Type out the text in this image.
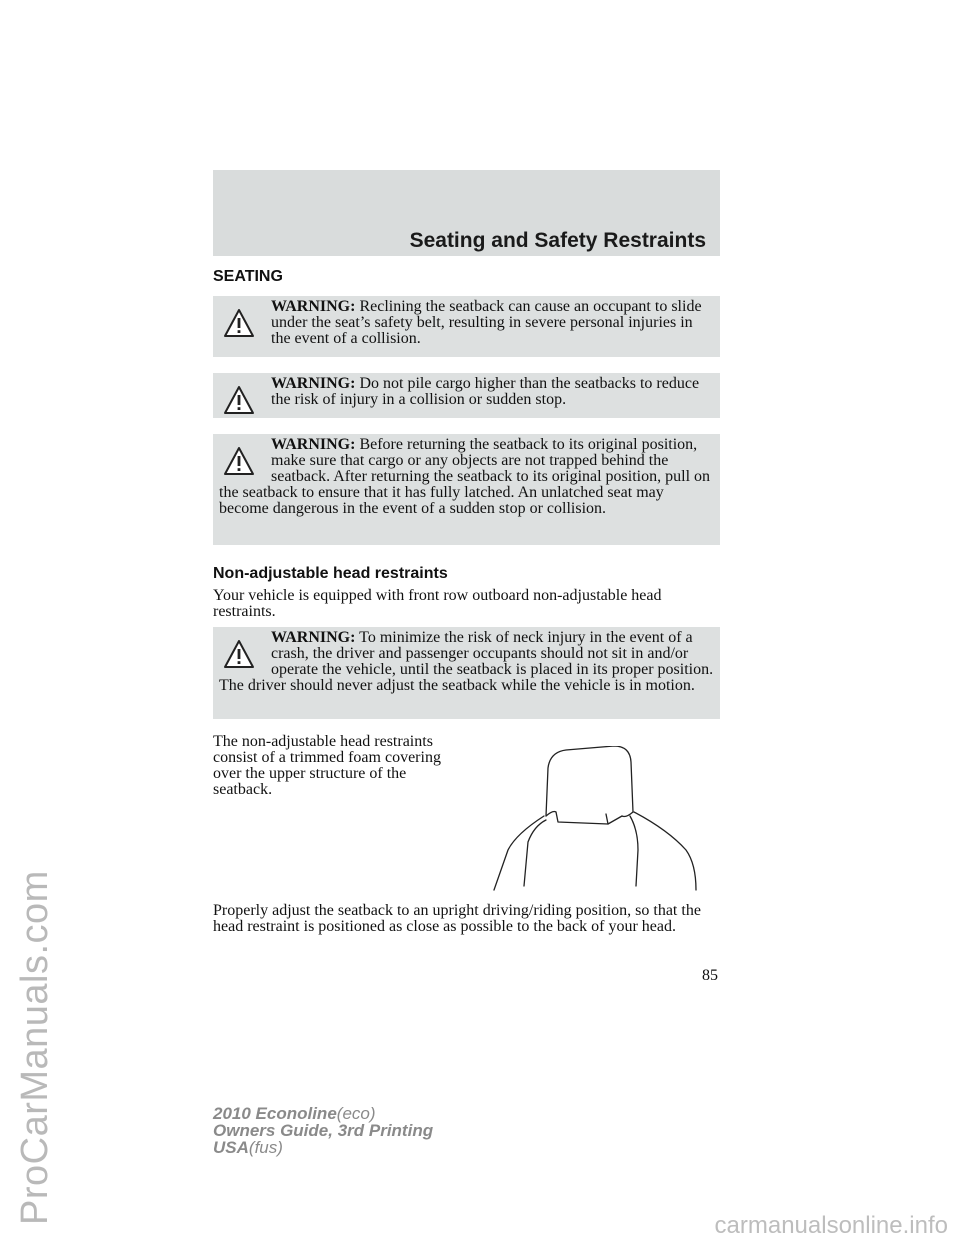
ProCarManuals.com
carmanualsonline.info
Seating and Safety Restraints
SEATING
WARNING: Reclining the seatback can cause an occupant to slide under the seat’s safety belt, resulting in severe personal injuries in the event of a collision.
WARNING: Do not pile cargo higher than the seatbacks to reduce the risk of injury in a collision or sudden stop.
WARNING: Before returning the seatback to its original position, make sure that cargo or any objects are not trapped behind the seatback. After returning the seatback to its original position, pull on the seatback to ensure that it has fully latched. An unlatched seat may become dangerous in the event of a sudden stop or collision.
Non-adjustable head restraints
Your vehicle is equipped with front row outboard non-adjustable head restraints.
WARNING: To minimize the risk of neck injury in the event of a crash, the driver and passenger occupants should not sit in and/or operate the vehicle, until the seatback is placed in its proper position. The driver should never adjust the seatback while the vehicle is in motion.
The non-adjustable head restraints consist of a trimmed foam covering over the upper structure of the seatback.
Properly adjust the seatback to an upright driving/riding position, so that the head restraint is positioned as close as possible to the back of your head.
85
2010 Econoline(eco)
Owners Guide, 3rd Printing
USA(fus)
